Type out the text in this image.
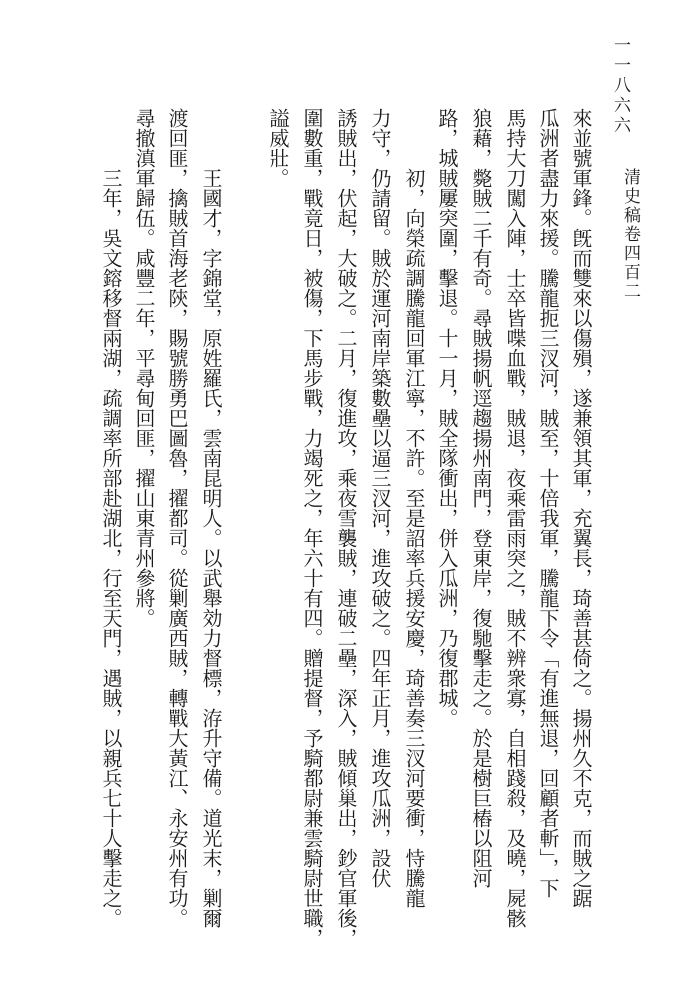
一一八六六
清史稿卷四百二
來並號軍鋒。旣而雙來以傷殞，遂兼領其軍，充翼長，琦善甚倚之。揚州久不克，而賊之踞
瓜洲者盡力來援。騰龍扼三汊河，賊至，十倍我軍，騰龍下令「有進無退，回顧者斬」，下
馬持大刀闖入陣，士卒皆喋血戰，賊退，夜乘雷雨突之，賊不辨衆寡，自相踐殺，及曉，屍骸
狼藉，斃賊二千有奇。尋賊揚帆逕趨揚州南門，登東岸，復馳擊走之。於是樹巨樁以阻河
路，城賊屢突圍，擊退。十一月，賊全隊衝出，併入瓜洲，乃復郡城。
初，向榮疏調騰龍回軍江寧，不許。至是詔率兵援安慶，琦善奏三汊河要衝，恃騰龍
力守，仍請留。賊於運河南岸築數壘以逼三汊河，進攻破之。四年正月，進攻瓜洲，設伏
誘賊出，伏起，大破之。二月，復進攻，乘夜雪襲賊，連破二壘，深入，賊傾巢出，鈔官軍後，
圍數重，戰竟日，被傷，下馬步戰，力竭死之，年六十有四。贈提督，予騎都尉兼雲騎尉世職，
謚威壯。
王國才，字錦堂，原姓羅氏，雲南昆明人。以武舉効力督標，洊升守備。道光末，剿爾
渡回匪，擒賊首海老陝，賜號勝勇巴圖魯，擢都司。從剿廣西賊，轉戰大黃江、永安州有功。
尋撤滇軍歸伍。咸豐二年，平尋甸回匪，擢山東青州參將。
三年，吳文鎔移督兩湖，疏調率所部赴湖北，行至天門，遇賊，以親兵七十人擊走之。
